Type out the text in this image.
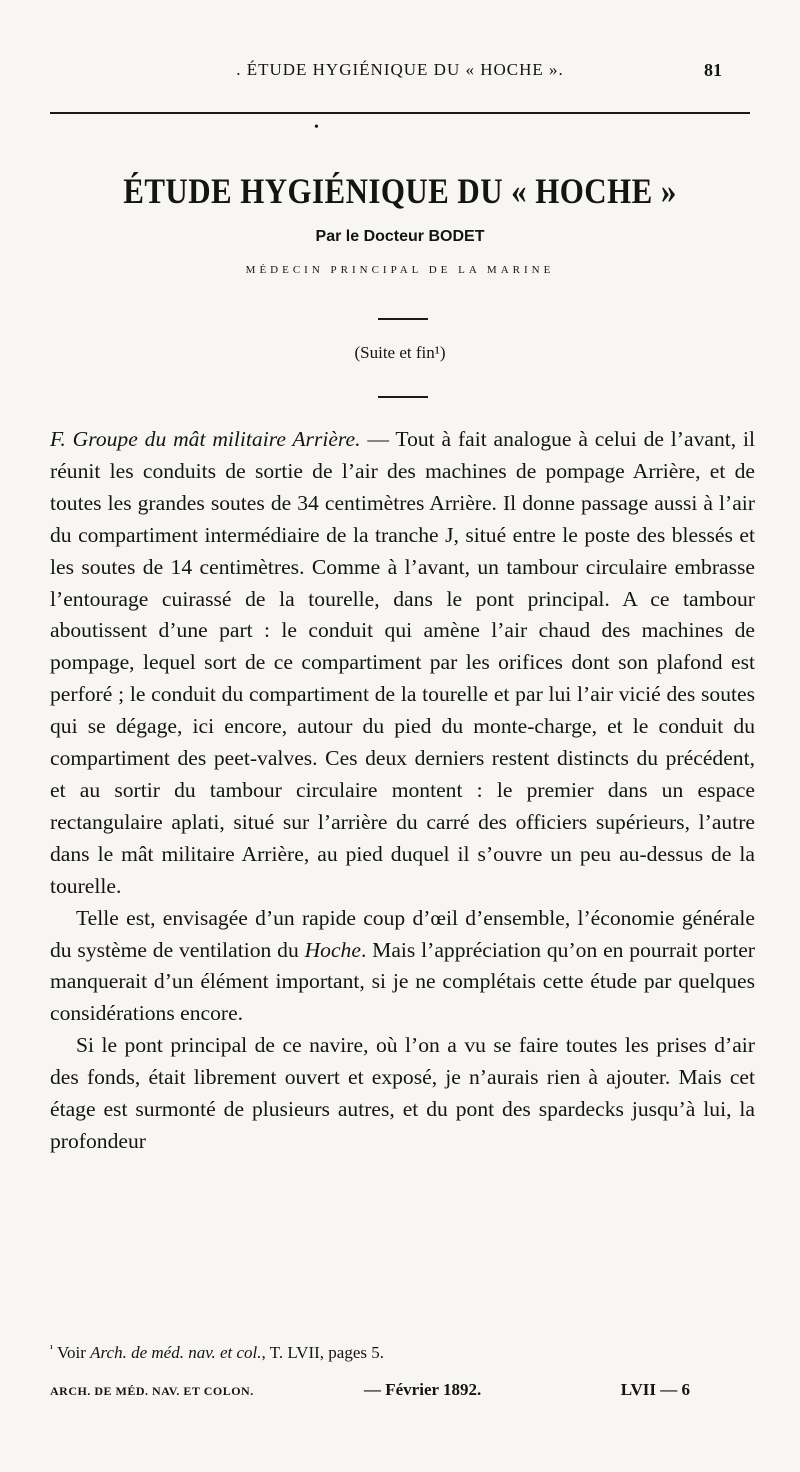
. ÉTUDE HYGIÉNIQUE DU « HOCHE ».	81
•
ÉTUDE HYGIÉNIQUE DU « HOCHE »
Par le Docteur BODET
MÉDECIN PRINCIPAL DE LA MARINE
(Suite et fin¹)

F. Groupe du mât militaire Arrière. — Tout à fait analogue à celui de l’avant, il réunit les conduits de sortie de l’air des machines de pompage Arrière, et de toutes les grandes soutes de 34 centimètres Arrière. Il donne passage aussi à l’air du compartiment intermédiaire de la tranche J, situé entre le poste des blessés et les soutes de 14 centimètres. Comme à l’avant, un tambour circulaire embrasse l’entourage cuirassé de la tourelle, dans le pont principal. A ce tambour aboutissent d’une part : le conduit qui amène l’air chaud des machines de pompage, lequel sort de ce compartiment par les orifices dont son plafond est perforé ; le conduit du compartiment de la tourelle et par lui l’air vicié des soutes qui se dégage, ici encore, autour du pied du monte-charge, et le conduit du compartiment des peet-valves. Ces deux derniers restent distincts du précédent, et au sortir du tambour circulaire montent : le premier dans un espace rectangulaire aplati, situé sur l’arrière du carré des officiers supérieurs, l’autre dans le mât militaire Arrière, au pied duquel il s’ouvre un peu au-dessus de la tourelle.

Telle est, envisagée d’un rapide coup d’œil d’ensemble, l’économie générale du système de ventilation du Hoche. Mais l’appréciation qu’on en pourrait porter manquerait d’un élément important, si je ne complétais cette étude par quelques considérations encore.

Si le pont principal de ce navire, où l’on a vu se faire toutes les prises d’air des fonds, était librement ouvert et exposé, je n’aurais rien à ajouter. Mais cet étage est surmonté de plusieurs autres, et du pont des spardecks jusqu’à lui, la profondeur

$^{^1}$ Voir Arch. de méd. nav. et col., T. LVII, pages 5.
ARCH. DE MÉD. NAV. ET COLON.	— Février 1892.	LVII — 6
